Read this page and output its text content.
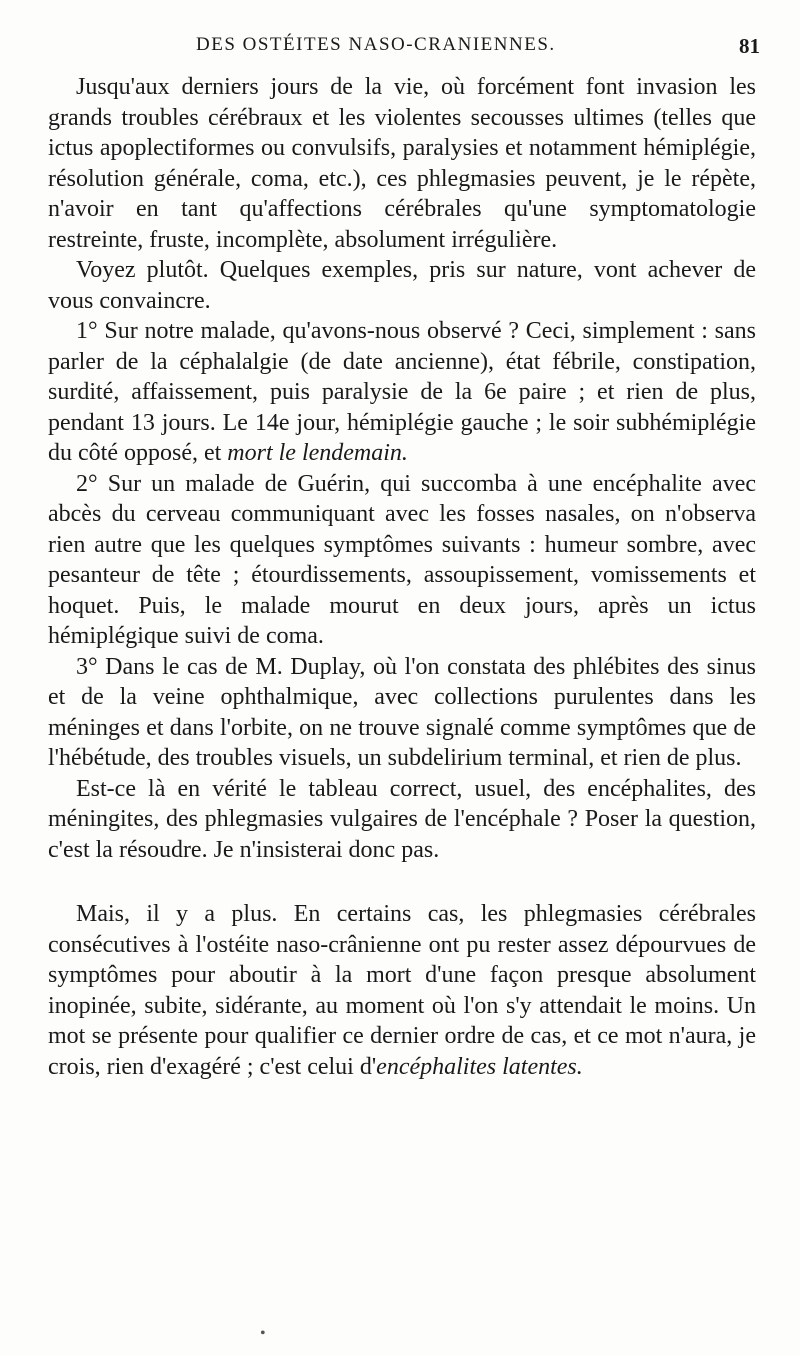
DES OSTÉITES NASO-CRANIENNES.	81

Jusqu'aux derniers jours de la vie, où forcément font invasion les grands troubles cérébraux et les violentes secousses ultimes (telles que ictus apoplectiformes ou convulsifs, paralysies et notamment hémiplégie, résolution générale, coma, etc.), ces phlegmasies peuvent, je le répète, n'avoir en tant qu'affections cérébrales qu'une symptomatologie restreinte, fruste, incomplète, absolument irrégulière.

Voyez plutôt. Quelques exemples, pris sur nature, vont achever de vous convaincre.

1° Sur notre malade, qu'avons-nous observé ? Ceci, simplement : sans parler de la céphalalgie (de date ancienne), état fébrile, constipation, surdité, affaissement, puis paralysie de la 6e paire ; et rien de plus, pendant 13 jours. Le 14e jour, hémiplégie gauche ; le soir subhémiplégie du côté opposé, et mort le lendemain.

2° Sur un malade de Guérin, qui succomba à une encéphalite avec abcès du cerveau communiquant avec les fosses nasales, on n'observa rien autre que les quelques symptômes suivants : humeur sombre, avec pesanteur de tête ; étourdissements, assoupissement, vomissements et hoquet. Puis, le malade mourut en deux jours, après un ictus hémiplégique suivi de coma.

3° Dans le cas de M. Duplay, où l'on constata des phlébites des sinus et de la veine ophthalmique, avec collections purulentes dans les méninges et dans l'orbite, on ne trouve signalé comme symptômes que de l'hébétude, des troubles visuels, un subdelirium terminal, et rien de plus.

Est-ce là en vérité le tableau correct, usuel, des encéphalites, des méningites, des phlegmasies vulgaires de l'encéphale ? Poser la question, c'est la résoudre. Je n'insisterai donc pas.

Mais, il y a plus. En certains cas, les phlegmasies cérébrales consécutives à l'ostéite naso-crânienne ont pu rester assez dépourvues de symptômes pour aboutir à la mort d'une façon presque absolument inopinée, subite, sidérante, au moment où l'on s'y attendait le moins. Un mot se présente pour qualifier ce dernier ordre de cas, et ce mot n'aura, je crois, rien d'exagéré ; c'est celui d'encéphalites latentes.

•
